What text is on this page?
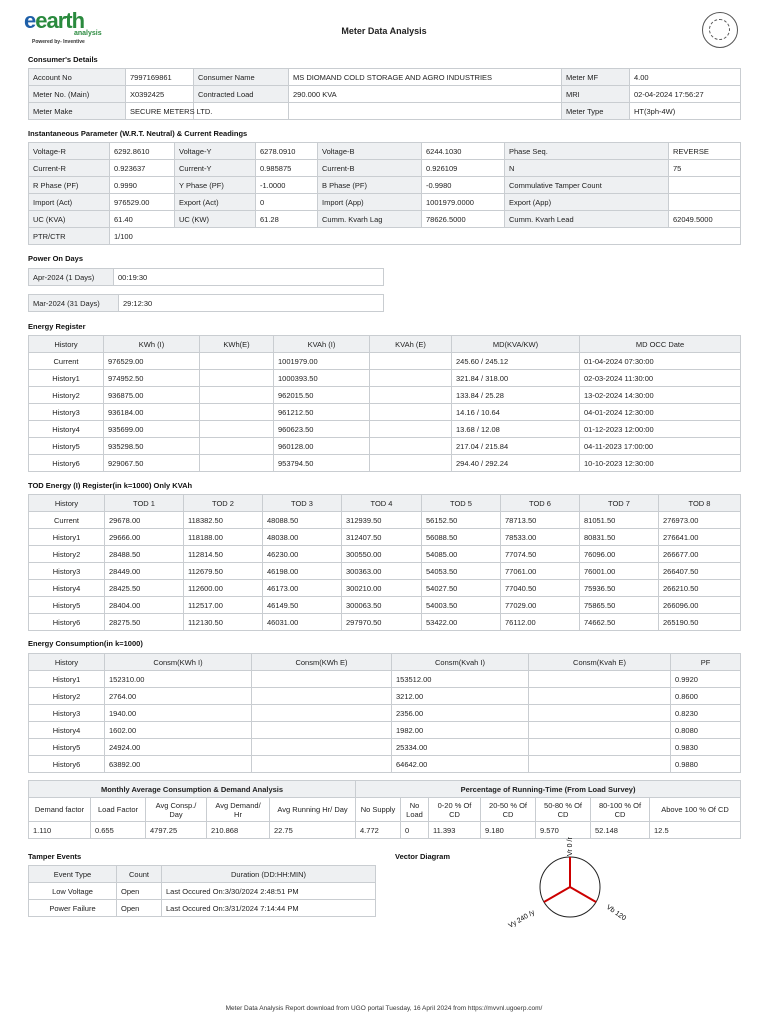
eearth
analysis
Powered by- Inventive
Meter Data Analysis
Consumer's Details
Account No	7997169861	Consumer Name	MS DIOMAND COLD STORAGE AND AGRO INDUSTRIES	Meter MF	4.00
Meter No. (Main)	X0392425	Contracted Load	290.000 KVA	MRI	02-04-2024 17:56:27
Meter Make	SECURE METERS LTD.			Meter Type	HT(3ph-4W)
Instantaneous Parameter (W.R.T. Neutral) & Current Readings
Voltage-R	6292.8610	Voltage-Y	6278.0910	Voltage-B	6244.1030	Phase Seq.	REVERSE
Current-R	0.923637	Current-Y	0.985875	Current-B	0.926109	N	75
R Phase (PF)	0.9990	Y Phase (PF)	-1.0000	B Phase (PF)	-0.9980	Commulative Tamper Count	
Import (Act)	976529.00	Export (Act)	0	Import (App)	1001979.0000	Export (App)	
UC (KVA)	61.40	UC (KW)	61.28	Cumm. Kvarh Lag	78626.5000	Cumm. Kvarh Lead	62049.5000
PTR/CTR	1/100						
Power On Days
Apr-2024 (1 Days)	00:19:30
Mar-2024 (31 Days)	29:12:30
Energy Register
History	KWh (I)	KWh(E)	KVAh (I)	KVAh (E)	MD(KVA/KW)	MD OCC Date
Current	976529.00		1001979.00		245.60 / 245.12	01-04-2024 07:30:00
History1	974952.50		1000393.50		321.84 / 318.00	02-03-2024 11:30:00
History2	936875.00		962015.50		133.84 / 25.28	13-02-2024 14:30:00
History3	936184.00		961212.50		14.16 / 10.64	04-01-2024 12:30:00
History4	935699.00		960623.50		13.68 / 12.08	01-12-2023 12:00:00
History5	935298.50		960128.00		217.04 / 215.84	04-11-2023 17:00:00
History6	929067.50		953794.50		294.40 / 292.24	10-10-2023 12:30:00
TOD Energy (I) Register(in k=1000) Only KVAh
History	TOD 1	TOD 2	TOD 3	TOD 4	TOD 5	TOD 6	TOD 7	TOD 8
Current	29678.00	118382.50	48088.50	312939.50	56152.50	78713.50	81051.50	276973.00
History1	29666.00	118188.00	48038.00	312407.50	56088.50	78533.00	80831.50	276641.00
History2	28488.50	112814.50	46230.00	300550.00	54085.00	77074.50	76096.00	266677.00
History3	28449.00	112679.50	46198.00	300363.00	54053.50	77061.00	76001.00	266407.50
History4	28425.50	112600.00	46173.00	300210.00	54027.50	77040.50	75936.50	266210.50
History5	28404.00	112517.00	46149.50	300063.50	54003.50	77029.00	75865.50	266096.00
History6	28275.50	112130.50	46031.00	297970.50	53422.00	76112.00	74662.50	265190.50
Energy Consumption(in k=1000)
History	Consm(KWh I)	Consm(KWh E)	Consm(Kvah I)	Consm(Kvah E)	PF
History1	152310.00		153512.00		0.9920
History2	2764.00		3212.00		0.8600
History3	1940.00		2356.00		0.8230
History4	1602.00		1982.00		0.8080
History5	24924.00		25334.00		0.9830
History6	63892.00		64642.00		0.9880
Monthly Average Consumption & Demand Analysis					Percentage of Running-Time (From Load Survey)						
Demand factor	Load Factor	Avg Consp./ Day	Avg Demand/ Hr	Avg Running Hr/ Day	No Supply	No Load	0-20 % Of CD	20-50 % Of CD	50-80 % Of CD	80-100 % Of CD	Above 100 % Of CD
1.110	0.655	4797.25	210.868	22.75	4.772	0	11.393	9.180	9.570	52.148	12.5
Tamper Events
Event Type	Count	Duration (DD:HH:MIN)
Low Voltage	Open	Last Occured On:3/30/2024 2:48:51 PM
Power Failure	Open	Last Occured On:3/31/2024 7:14:44 PM
Vector Diagram
Vr 0 /r
Vy 240 /y	Vb 120
Meter Data Analysis Report download from UGO portal Tuesday, 16 April 2024 from https://mvvnl.ugoerp.com/
